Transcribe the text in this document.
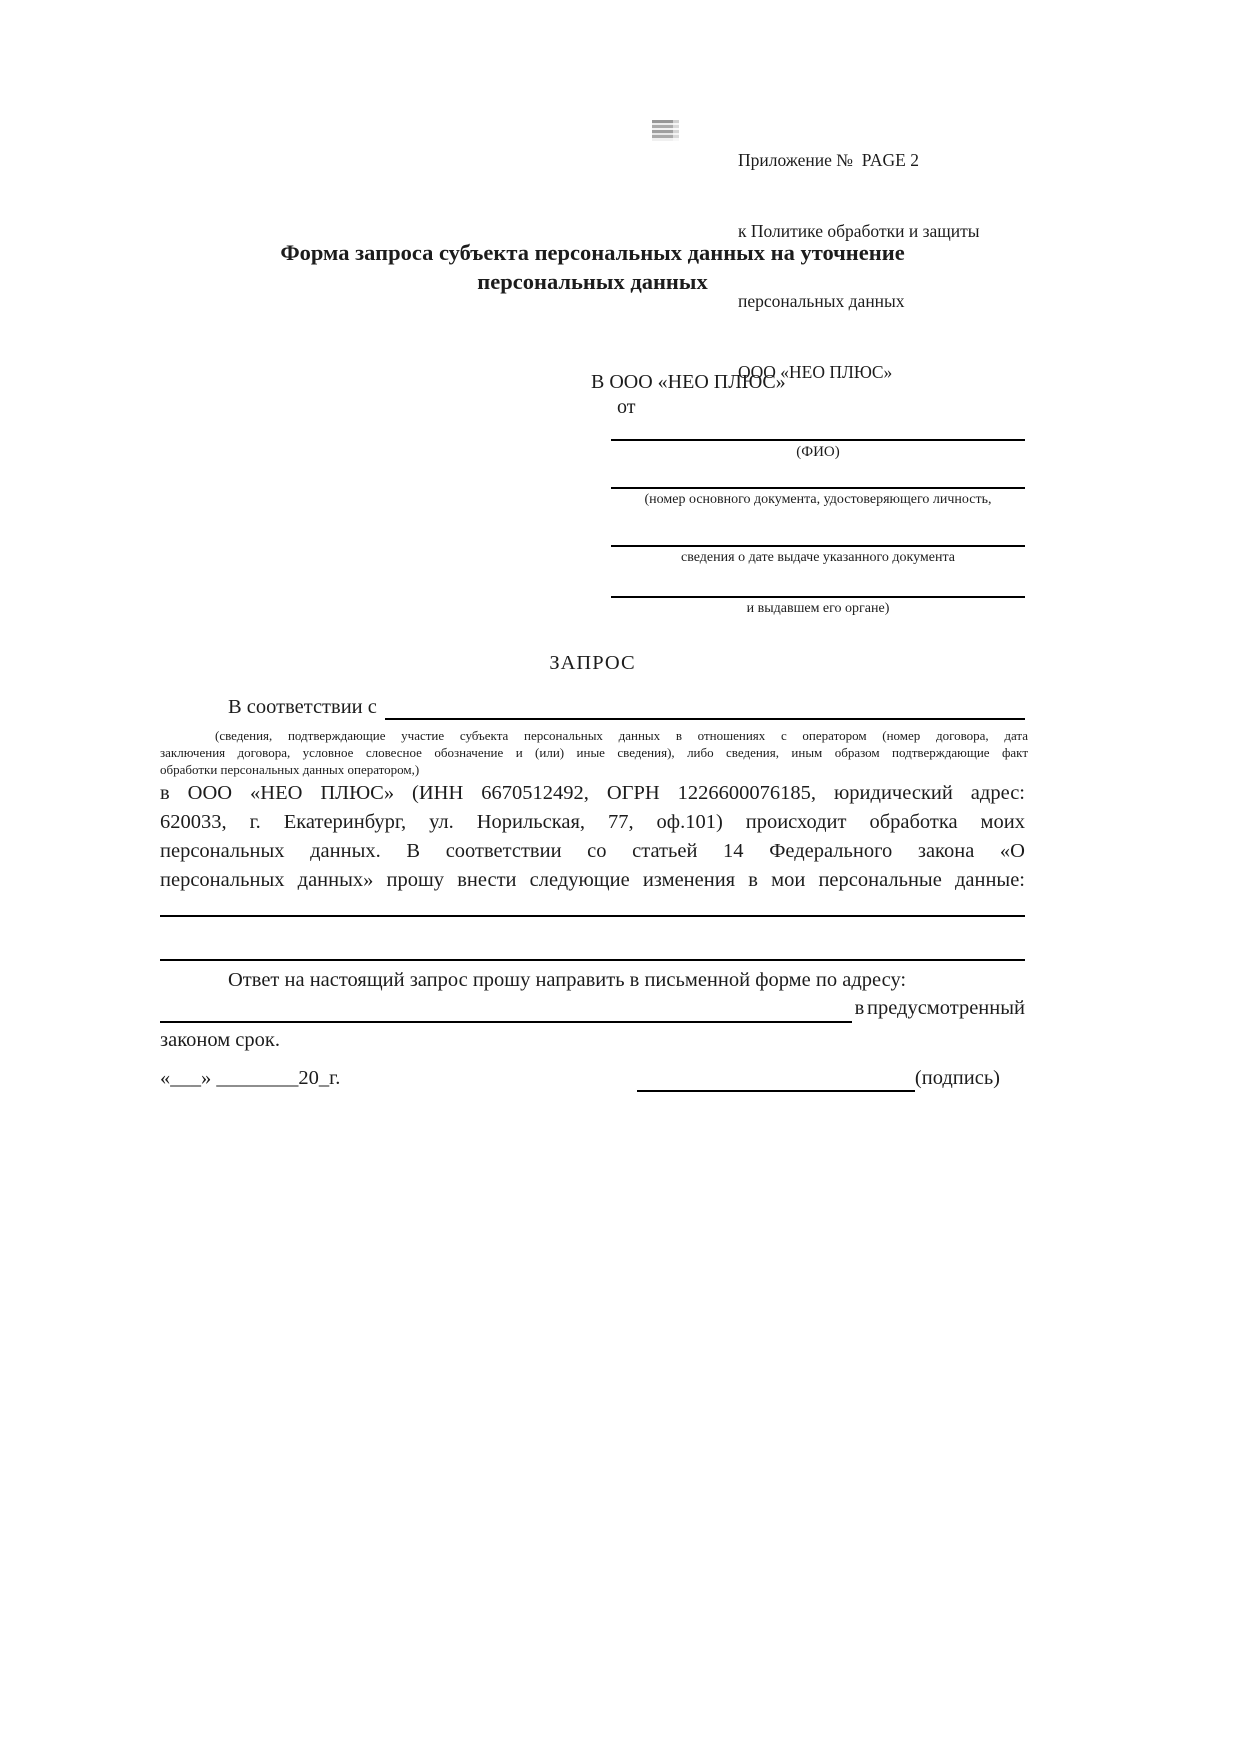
Приложение №  PAGE 2

к Политике обработки и защиты

персональных данных

ООО «НЕО ПЛЮС»

Форма запроса субъекта персональных данных на уточнение
персональных данных
В ООО «НЕО ПЛЮС»
от
(ФИО)
(номер основного документа, удостоверяющего личность,
сведения о дате выдаче указанного документа
и выдавшем его органе)
ЗАПРОС
В соответствии с
(сведения, подтверждающие участие субъекта персональных данных в отношениях с оператором (номер договора, дата
заключения договора, условное словесное обозначение и (или) иные сведения), либо сведения, иным образом подтверждающие факт
обработки персональных данных оператором,)
в ООО «НЕО ПЛЮС» (ИНН 6670512492, ОГРН 1226600076185, юридический адрес:
620033, г. Екатеринбург, ул. Норильская, 77, оф.101) происходит обработка моих
персональных данных. В соответствии со статьей 14 Федерального закона «О
персональных данных» прошу внести следующие изменения в мои персональные данные:
Ответ на настоящий запрос прошу направить в письменной форме по адресу:
в предусмотренный
законом срок.
«___» ________20_г.	(подпись)
